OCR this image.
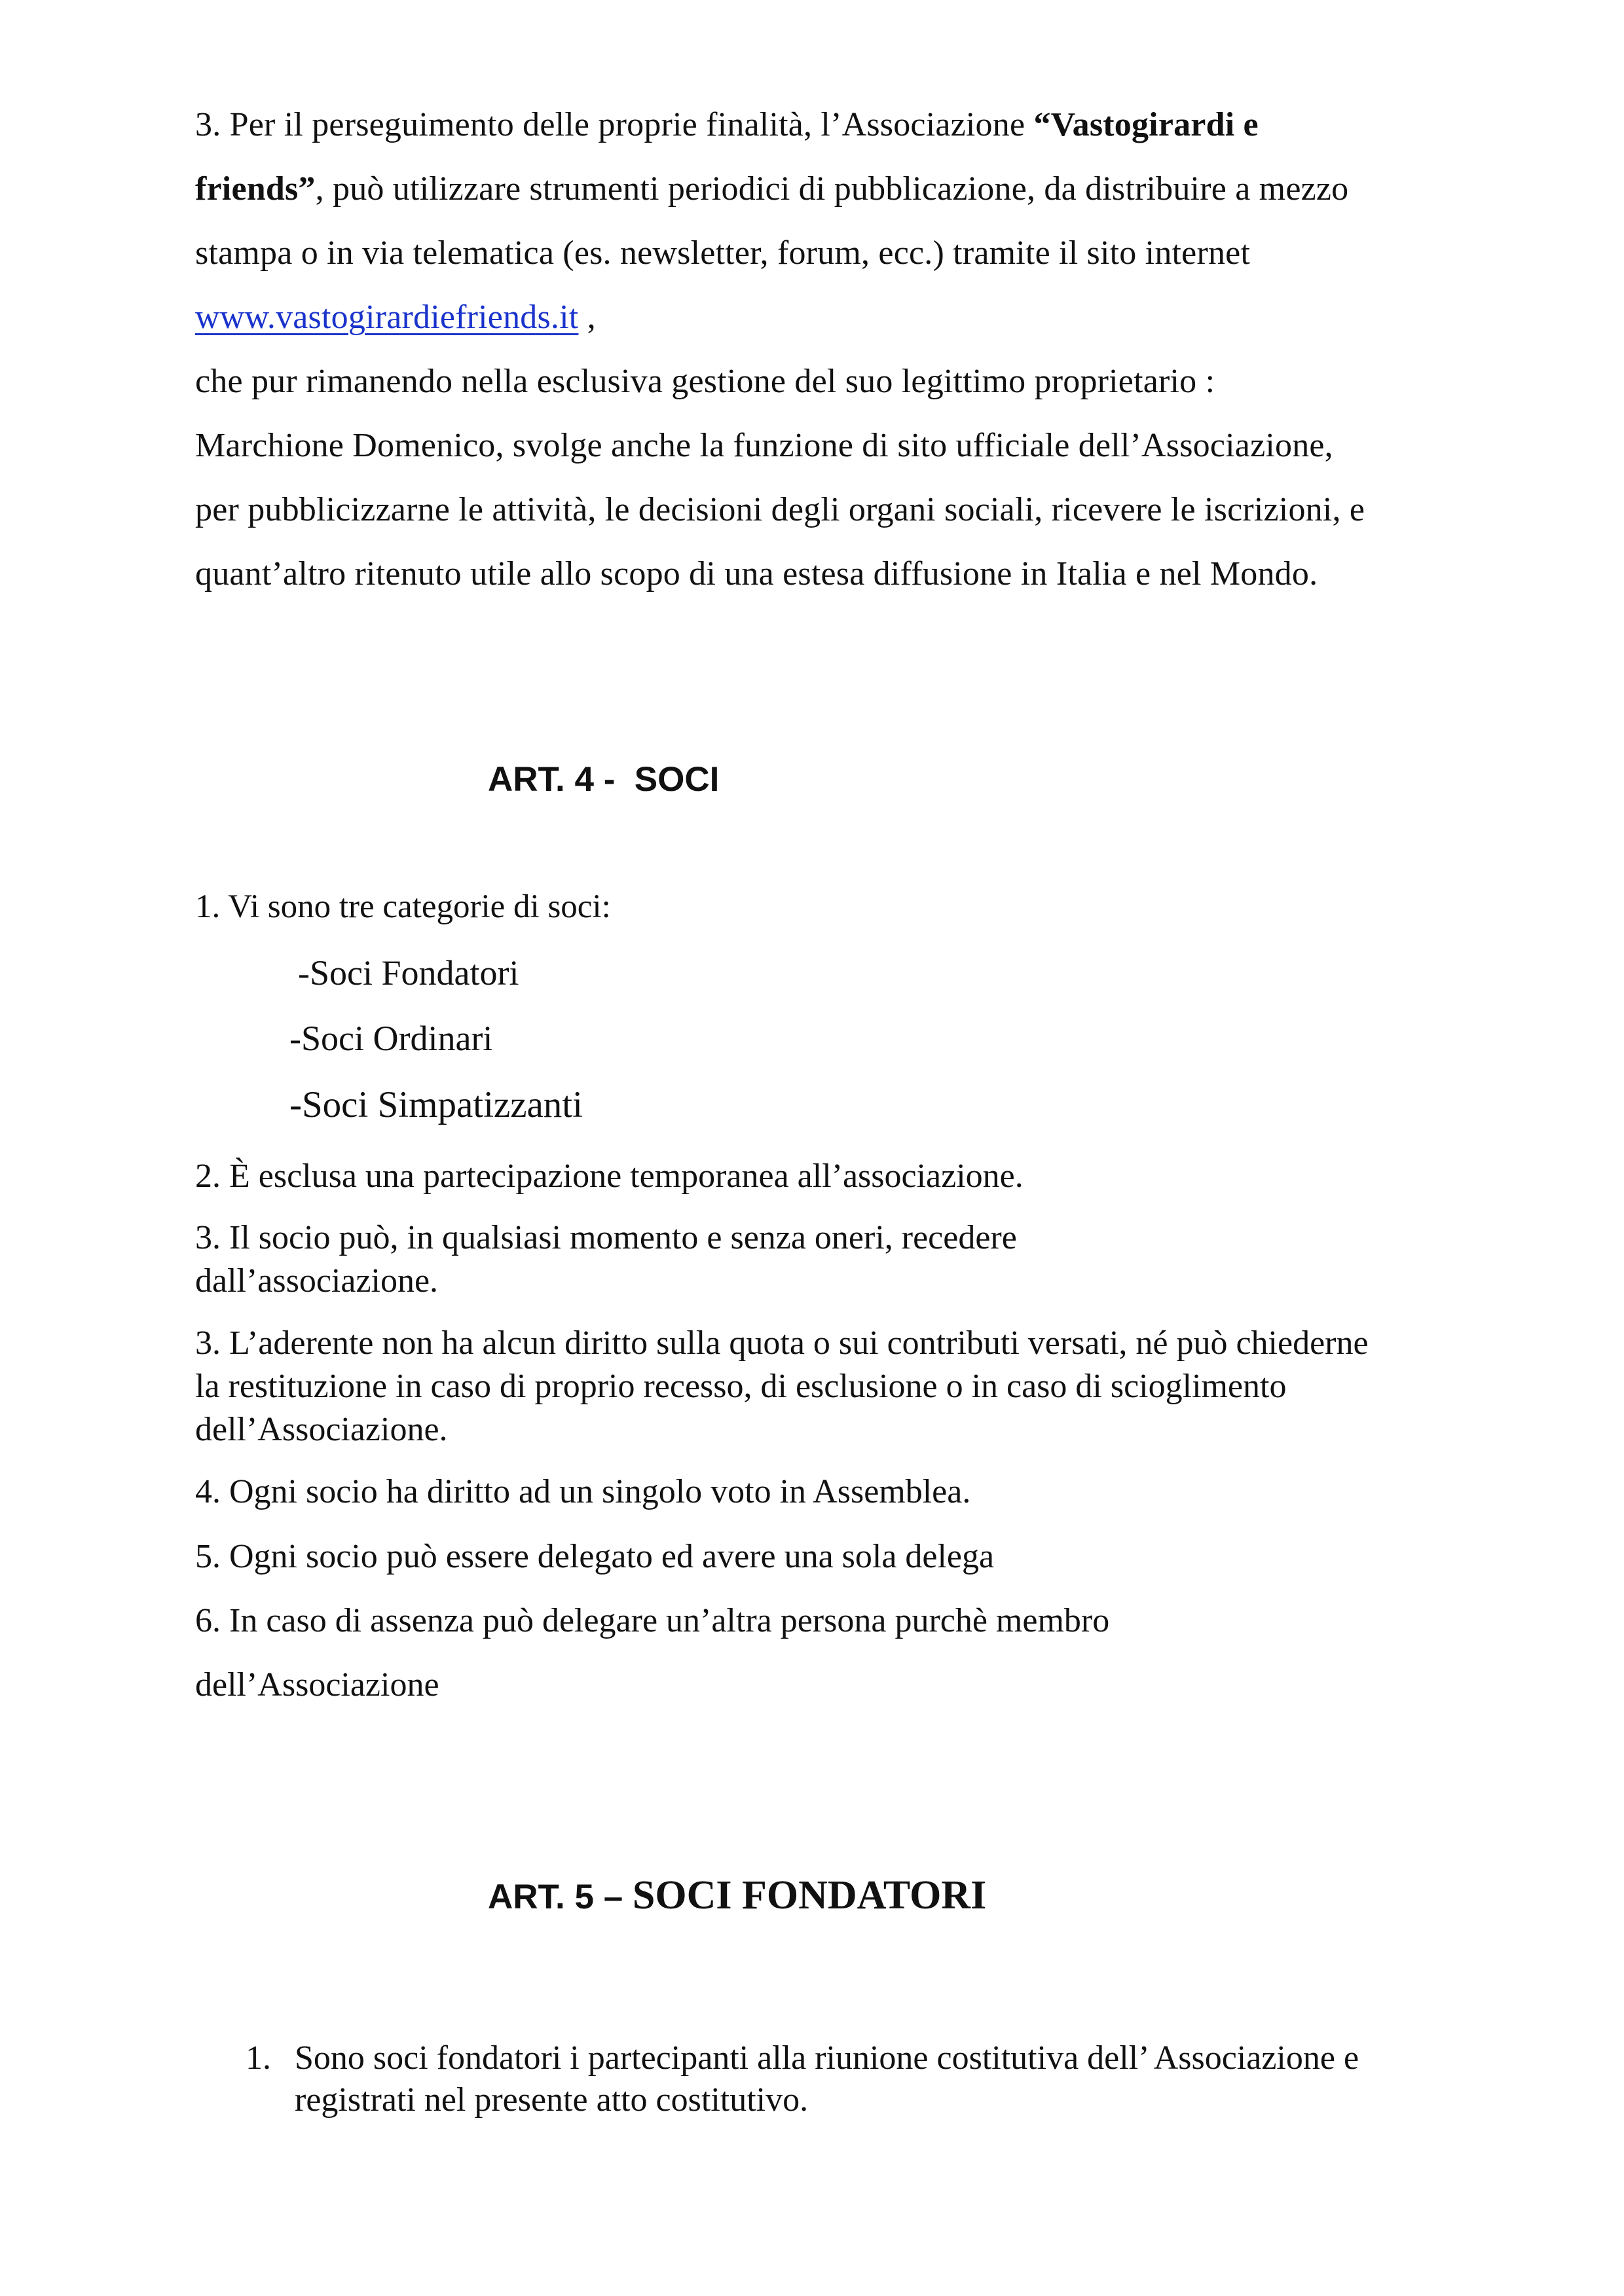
3. Per il perseguimento delle proprie finalità, l’Associazione “Vastogirardi e

friends”, può utilizzare strumenti periodici di pubblicazione, da distribuire a mezzo

stampa o in via telematica (es. newsletter, forum, ecc.) tramite il sito internet

www.vastogirardiefriends.it ,

che pur rimanendo nella esclusiva gestione del suo legittimo proprietario :

Marchione Domenico, svolge anche la funzione di sito ufficiale dell’Associazione,

per pubblicizzarne le attività, le decisioni degli organi sociali, ricevere le iscrizioni, e

quant’altro ritenuto utile allo scopo di una estesa diffusione in Italia e nel Mondo.

ART. 4 -  SOCI

1. Vi sono tre categorie di soci:

-Soci Fondatori

-Soci Ordinari

-Soci Simpatizzanti

2. È esclusa una partecipazione temporanea all’associazione.

3. Il socio può, in qualsiasi momento e senza oneri, recedere dall’associazione.

3. L’aderente non ha alcun diritto sulla quota o sui contributi versati, né può chiederne la restituzione in caso di proprio recesso, di esclusione o in caso di scioglimento dell’Associazione.

4. Ogni socio ha diritto ad un singolo voto in Assemblea.

5. Ogni socio può essere delegato ed avere una sola delega

6. In caso di assenza può delegare un’altra persona purchè membro

dell’Associazione

ART. 5 – SOCI FONDATORI
1. Sono soci fondatori i partecipanti alla riunione costitutiva dell’ Associazione e registrati nel presente atto costitutivo.
